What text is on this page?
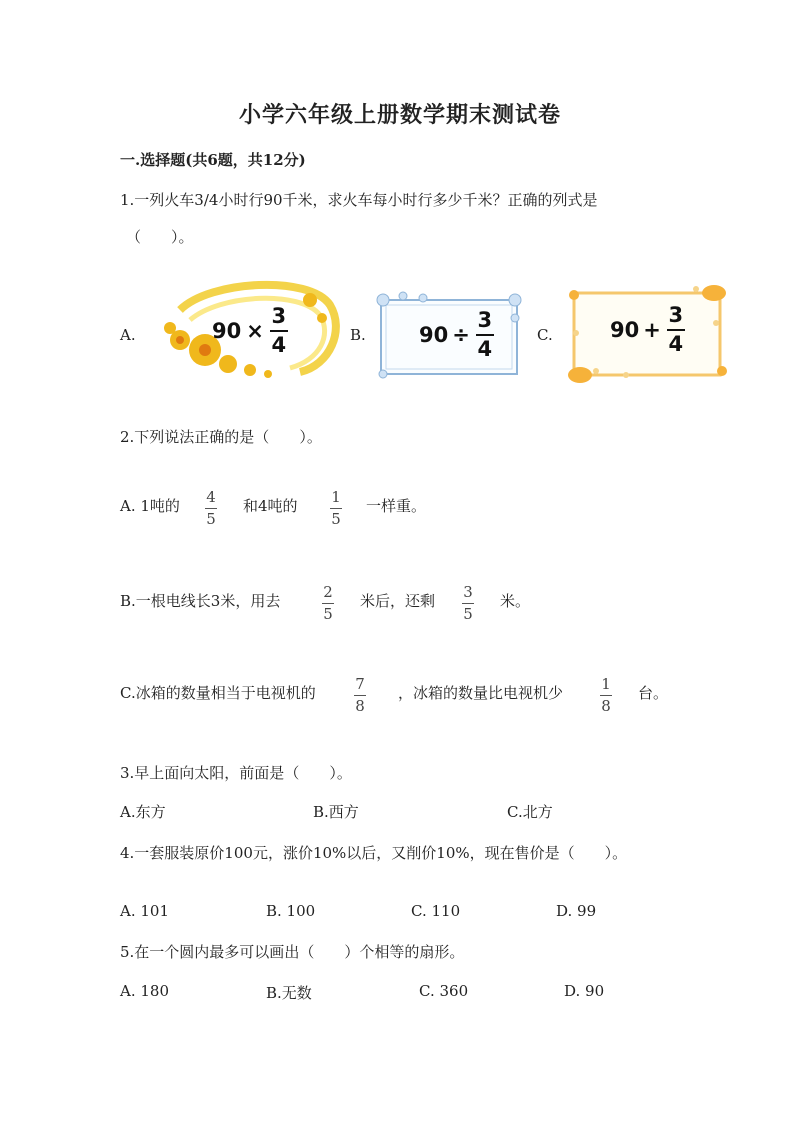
小学六年级上册数学期末测试卷
一.选择题(共6题，共12分)
1.一列火车3/4小时行90千米，求火车每小时行多少千米？正确的列式是
（　　）。
A.	90 ×
3
4	B.	90 ÷
3
4
C.	90 +
3
4
2.下列说法正确的是（　　）。
A. 1吨的 4
5
和4吨的 1
5
一样重。
B.一根电线长3米，用去	2
5
米后，还剩 3
5
米。
C.冰箱的数量相当于电视机的	7
8
，冰箱的数量比电视机少	1
8
台。
3.早上面向太阳，前面是（　　）。
A.东方	B.西方	C.北方
4.一套服装原价100元，涨价10%以后，又削价10%，现在售价是（　　）。
A. 101	B. 100	C. 110	D. 99
5.在一个圆内最多可以画出（　　）个相等的扇形。
A. 180	B.无数	C. 360	D. 90
